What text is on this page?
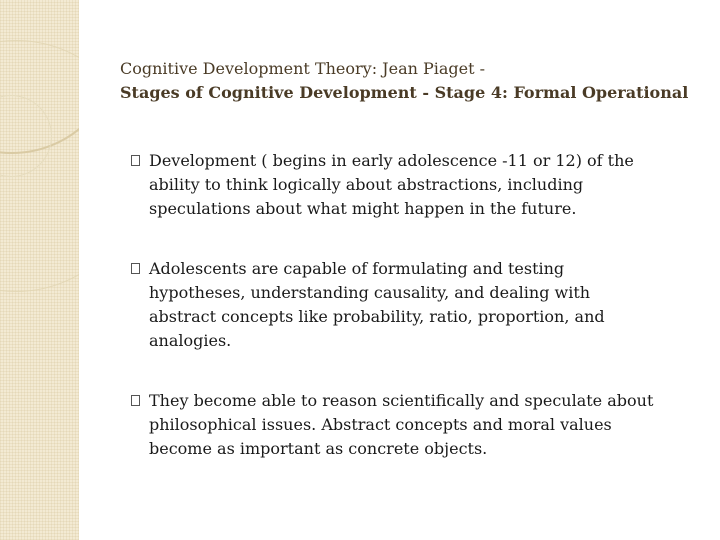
Cognitive Development Theory: Jean Piaget -
Stages of Cognitive Development - Stage 4: Formal Operational
Development ( begins in early adolescence -11 or 12) of the ability to think logically about abstractions, including speculations about what might happen in the future.
Adolescents are capable of formulating and testing hypotheses, understanding causality, and dealing with abstract concepts like probability, ratio, proportion, and analogies.
They become able to reason scientifically and speculate about philosophical issues. Abstract concepts and moral values become as important as concrete objects.
